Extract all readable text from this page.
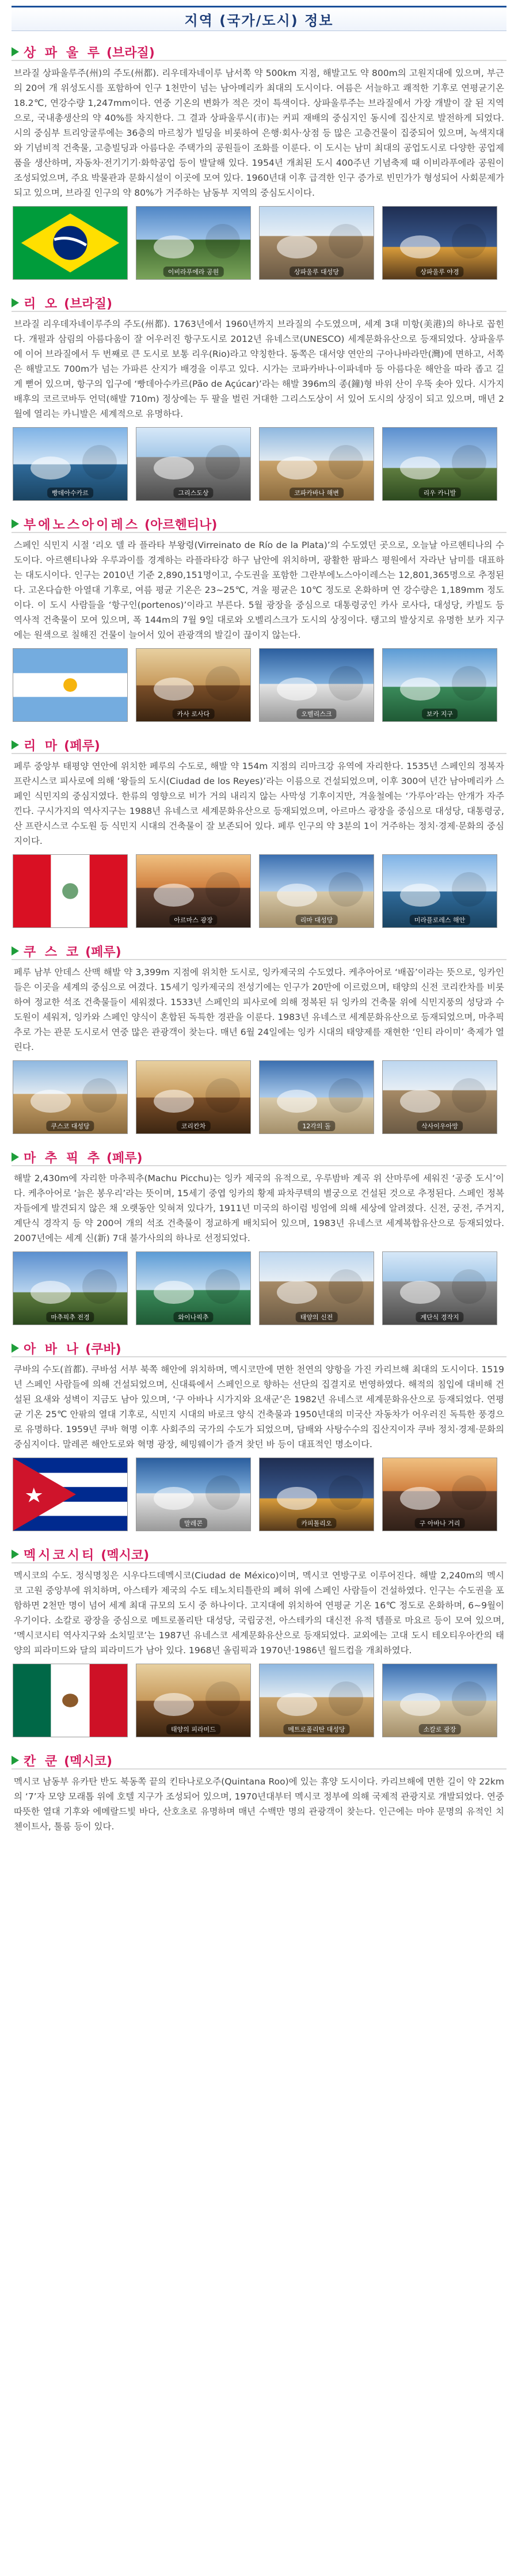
지역 (국가/도시) 정보
상 파 울 루 (브라질)
브라질 상파울루주(州)의 주도(州都). 리우데자네이루 남서쪽 약 500km 지점, 해발고도 약 800m의 고원지대에 있으며, 부근의 20여 개 위성도시를 포함하여 인구 1천만이 넘는 남아메리카 최대의 도시이다. 여름은 서늘하고 쾌적한 기후로 연평균기온 18.2℃, 연강수량 1,247mm이다. 연중 기온의 변화가 적은 것이 특색이다. 상파울루주는 브라질에서 가장 개발이 잘 된 지역으로, 국내총생산의 약 40%를 차지한다. 그 결과 상파울루시(市)는 커피 재배의 중심지인 동시에 집산지로 발전하게 되었다. 시의 중심부 트리앙굴루에는 36층의 마르칭가 빌딩을 비롯하여 은행·회사·상점 등 많은 고층건물이 집중되어 있으며, 녹색지대와 기념비적 건축물, 고층빌딩과 아름다운 주택가의 공원들이 조화를 이룬다. 이 도시는 남미 최대의 공업도시로 다양한 공업제품을 생산하며, 자동차·전기기기·화학공업 등이 발달해 있다. 1954년 개최된 도시 400주년 기념축제 때 이비라푸에라 공원이 조성되었으며, 주요 박물관과 문화시설이 이곳에 모여 있다. 1960년대 이후 급격한 인구 증가로 빈민가가 형성되어 사회문제가 되고 있으며, 브라질 인구의 약 80%가 거주하는 남동부 지역의 중심도시이다.
이비라푸에라 공원	상파울루 대성당	상파울루 야경
리 오 (브라질)
브라질 리우데자네이루주의 주도(州都). 1763년에서 1960년까지 브라질의 수도였으며, 세계 3대 미항(美港)의 하나로 꼽힌다. 개펄과 삼림의 아름다움이 잘 어우러진 항구도시로 2012년 유네스코(UNESCO) 세계문화유산으로 등재되었다. 상파울루에 이어 브라질에서 두 번째로 큰 도시로 보통 리우(Rio)라고 약칭한다. 동쪽은 대서양 연안의 구아나바라만(灣)에 면하고, 서쪽은 해발고도 700m가 넘는 가파른 산지가 배경을 이루고 있다. 시가는 코파카바나·이파네마 등 아름다운 해안을 따라 좁고 길게 뻗어 있으며, 항구의 입구에 ‘빵데아수카르(Pão de Açúcar)’라는 해발 396m의 종(鐘)형 바위 산이 우뚝 솟아 있다. 시가지 배후의 코르코바두 언덕(해발 710m) 정상에는 두 팔을 벌린 거대한 그리스도상이 서 있어 도시의 상징이 되고 있으며, 매년 2월에 열리는 카니발은 세계적으로 유명하다.
빵데아수카르	그리스도상	코파카바나 해변	리우 카니발
부에노스아이레스 (아르헨티나)
스페인 식민지 시절 ‘리오 델 라 플라타 부왕령(Virreinato de Río de la Plata)’의 수도였던 곳으로, 오늘날 아르헨티나의 수도이다. 아르헨티나와 우루과이를 경계하는 라플라타강 하구 남안에 위치하며, 광활한 팜파스 평원에서 자라난 남미를 대표하는 대도시이다. 인구는 2010년 기준 2,890,151명이고, 수도권을 포함한 그란부에노스아이레스는 12,801,365명으로 추정된다. 고온다습한 아열대 기후로, 여름 평균 기온은 23~25℃, 겨울 평균은 10℃ 정도로 온화하며 연 강수량은 1,189mm 정도이다. 이 도시 사람들을 ‘항구인(portenos)’이라고 부른다. 5월 광장을 중심으로 대통령궁인 카사 로사다, 대성당, 카빌도 등 역사적 건축물이 모여 있으며, 폭 144m의 7월 9일 대로와 오벨리스크가 도시의 상징이다. 탱고의 발상지로 유명한 보카 지구에는 원색으로 칠해진 건물이 늘어서 있어 관광객의 발길이 끊이지 않는다.
카사 로사다	오벨리스크	보카 지구
리 마 (페루)
페루 중앙부 태평양 연안에 위치한 페루의 수도로, 해발 약 154m 지점의 리마크강 유역에 자리한다. 1535년 스페인의 정복자 프란시스코 피사로에 의해 ‘왕들의 도시(Ciudad de los Reyes)’라는 이름으로 건설되었으며, 이후 300여 년간 남아메리카 스페인 식민지의 중심지였다. 한류의 영향으로 비가 거의 내리지 않는 사막성 기후이지만, 겨울철에는 ‘가루아’라는 안개가 자주 낀다. 구시가지의 역사지구는 1988년 유네스코 세계문화유산으로 등재되었으며, 아르마스 광장을 중심으로 대성당, 대통령궁, 산 프란시스코 수도원 등 식민지 시대의 건축물이 잘 보존되어 있다. 페루 인구의 약 3분의 1이 거주하는 정치·경제·문화의 중심지이다.
아르마스 광장	리마 대성당	미라플로레스 해안
쿠 스 코 (페루)
페루 남부 안데스 산맥 해발 약 3,399m 지점에 위치한 도시로, 잉카제국의 수도였다. 케추아어로 ‘배꼽’이라는 뜻으로, 잉카인들은 이곳을 세계의 중심으로 여겼다. 15세기 잉카제국의 전성기에는 인구가 20만에 이르렀으며, 태양의 신전 코리칸차를 비롯하여 정교한 석조 건축물들이 세워졌다. 1533년 스페인의 피사로에 의해 정복된 뒤 잉카의 건축물 위에 식민지풍의 성당과 수도원이 세워져, 잉카와 스페인 양식이 혼합된 독특한 경관을 이룬다. 1983년 유네스코 세계문화유산으로 등재되었으며, 마추픽추로 가는 관문 도시로서 연중 많은 관광객이 찾는다. 매년 6월 24일에는 잉카 시대의 태양제를 재현한 ‘인티 라이미’ 축제가 열린다.
쿠스코 대성당	코리칸차	12각의 돌	삭사이우아망
마 추 픽 추 (페루)
해발 2,430m에 자리한 마추픽추(Machu Picchu)는 잉카 제국의 유적으로, 우루밤바 계곡 위 산마루에 세워진 ‘공중 도시’이다. 케추아어로 ‘늙은 봉우리’라는 뜻이며, 15세기 중엽 잉카의 황제 파차쿠텍의 별궁으로 건설된 것으로 추정된다. 스페인 정복자들에게 발견되지 않은 채 오랫동안 잊혀져 있다가, 1911년 미국의 하이럼 빙엄에 의해 세상에 알려졌다. 신전, 궁전, 주거지, 계단식 경작지 등 약 200여 개의 석조 건축물이 정교하게 배치되어 있으며, 1983년 유네스코 세계복합유산으로 등재되었다. 2007년에는 세계 신(新) 7대 불가사의의 하나로 선정되었다.
마추픽추 전경	와이나픽추	태양의 신전	계단식 경작지
아 바 나 (쿠바)
쿠바의 수도(首都). 쿠바섬 서부 북쪽 해안에 위치하며, 멕시코만에 면한 천연의 양항을 가진 카리브해 최대의 도시이다. 1519년 스페인 사람들에 의해 건설되었으며, 신대륙에서 스페인으로 향하는 선단의 집결지로 번영하였다. 해적의 침입에 대비해 건설된 요새와 성벽이 지금도 남아 있으며, ‘구 아바나 시가지와 요새군’은 1982년 유네스코 세계문화유산으로 등재되었다. 연평균 기온 25℃ 안팎의 열대 기후로, 식민지 시대의 바로크 양식 건축물과 1950년대의 미국산 자동차가 어우러진 독특한 풍경으로 유명하다. 1959년 쿠바 혁명 이후 사회주의 국가의 수도가 되었으며, 담배와 사탕수수의 집산지이자 쿠바 정치·경제·문화의 중심지이다. 말레콘 해안도로와 혁명 광장, 헤밍웨이가 즐겨 찾던 바 등이 대표적인 명소이다.
말레콘	카피톨리오	구 아바나 거리
멕시코시티 (멕시코)
멕시코의 수도. 정식명칭은 시우다드데멕시코(Ciudad de México)이며, 멕시코 연방구로 이루어진다. 해발 2,240m의 멕시코 고원 중앙부에 위치하며, 아스테카 제국의 수도 테노치티틀란의 폐허 위에 스페인 사람들이 건설하였다. 인구는 수도권을 포함하면 2천만 명이 넘어 세계 최대 규모의 도시 중 하나이다. 고지대에 위치하여 연평균 기온 16℃ 정도로 온화하며, 6~9월이 우기이다. 소칼로 광장을 중심으로 메트로폴리탄 대성당, 국립궁전, 아스테카의 대신전 유적 템플로 마요르 등이 모여 있으며, ‘멕시코시티 역사지구와 소치밀코’는 1987년 유네스코 세계문화유산으로 등재되었다. 교외에는 고대 도시 테오티우아칸의 태양의 피라미드와 달의 피라미드가 남아 있다. 1968년 올림픽과 1970년·1986년 월드컵을 개최하였다.
태양의 피라미드	메트로폴리탄 대성당	소칼로 광장
칸 쿤 (멕시코)
멕시코 남동부 유카탄 반도 북동쪽 끝의 킨타나로오주(Quintana Roo)에 있는 휴양 도시이다. 카리브해에 면한 길이 약 22km의 ‘7’자 모양 모래톱 위에 호텔 지구가 조성되어 있으며, 1970년대부터 멕시코 정부에 의해 국제적 관광지로 개발되었다. 연중 따뜻한 열대 기후와 에메랄드빛 바다, 산호초로 유명하며 매년 수백만 명의 관광객이 찾는다. 인근에는 마야 문명의 유적인 치첸이트사, 툴룸 등이 있다.
